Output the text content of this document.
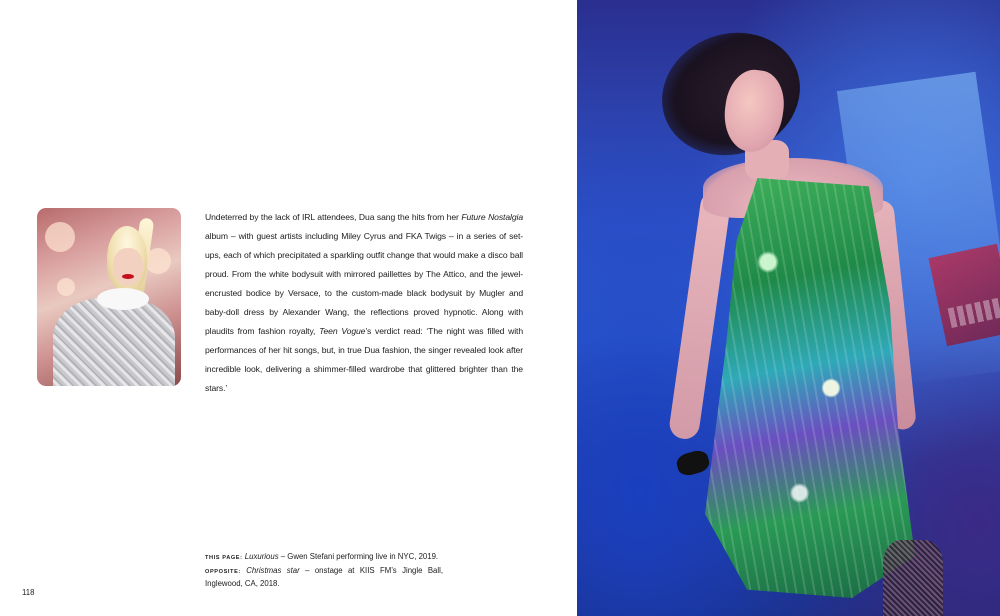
Undeterred by the lack of IRL attendees, Dua sang the hits from her Future Nostalgia album – with guest artists including Miley Cyrus and FKA Twigs – in a series of set-ups, each of which precipitated a sparkling outfit change that would make a disco ball proud. From the white bodysuit with mirrored paillettes by The Attico, and the jewel-encrusted bodice by Versace, to the custom-made black bodysuit by Mugler and baby-doll dress by Alexander Wang, the reflections proved hypnotic. Along with plaudits from fashion royalty, Teen Vogue’s verdict read: ‘The night was filled with performances of her hit songs, but, in true Dua fashion, the singer revealed look after incredible look, delivering a shimmer-filled wardrobe that glittered brighter than the stars.’
THIS PAGE: Luxurious – Gwen Stefani performing live in NYC, 2019.
OPPOSITE: Christmas star – onstage at KIIS FM’s Jingle Ball, Inglewood, CA, 2018.
118
